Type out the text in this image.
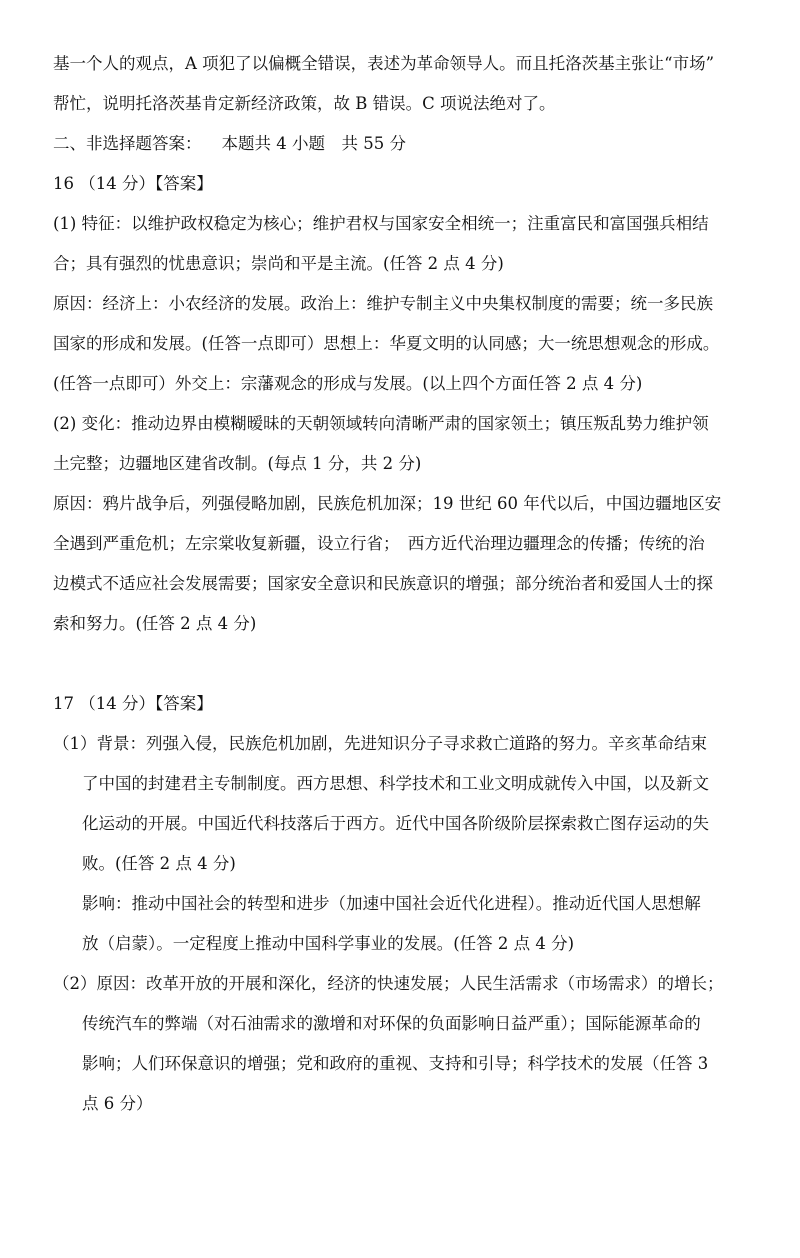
基一个人的观点，A 项犯了以偏概全错误，表述为革命领导人。而且托洛茨基主张让“市场”
帮忙，说明托洛茨基肯定新经济政策，故 B 错误。C 项说法绝对了。
二、非选择题答案： 本题共 4 小题　共 55 分
16 （14 分）【答案】
(1) 特征：以维护政权稳定为核心；维护君权与国家安全相统一；注重富民和富国强兵相结
合；具有强烈的忧患意识；崇尚和平是主流。(任答 2 点 4 分)
原因：经济上：小农经济的发展。政治上：维护专制主义中央集权制度的需要；统一多民族
国家的形成和发展。(任答一点即可）思想上：华夏文明的认同感；大一统思想观念的形成。
(任答一点即可）外交上：宗藩观念的形成与发展。(以上四个方面任答 2 点 4 分)
(2) 变化：推动边界由模糊暧昧的天朝领域转向清晰严肃的国家领土；镇压叛乱势力维护领
土完整；边疆地区建省改制。(每点 1 分，共 2 分)
原因：鸦片战争后，列强侵略加剧，民族危机加深；19 世纪 60 年代以后，中国边疆地区安
全遇到严重危机；左宗棠收复新疆，设立行省；　西方近代治理边疆理念的传播；传统的治
边模式不适应社会发展需要；国家安全意识和民族意识的增强；部分统治者和爱国人士的探
索和努力。(任答 2 点 4 分)
17 （14 分）【答案】
（1）背景：列强入侵，民族危机加剧，先进知识分子寻求救亡道路的努力。辛亥革命结束
了中国的封建君主专制制度。西方思想、科学技术和工业文明成就传入中国，以及新文
化运动的开展。中国近代科技落后于西方。近代中国各阶级阶层探索救亡图存运动的失
败。(任答 2 点 4 分)
影响：推动中国社会的转型和进步（加速中国社会近代化进程）。推动近代国人思想解
放（启蒙）。一定程度上推动中国科学事业的发展。(任答 2 点 4 分)
（2）原因：改革开放的开展和深化，经济的快速发展；人民生活需求（市场需求）的增长；
传统汽车的弊端（对石油需求的激增和对环保的负面影响日益严重）；国际能源革命的
影响；人们环保意识的增强；党和政府的重视、支持和引导；科学技术的发展（任答 3
点 6 分）
